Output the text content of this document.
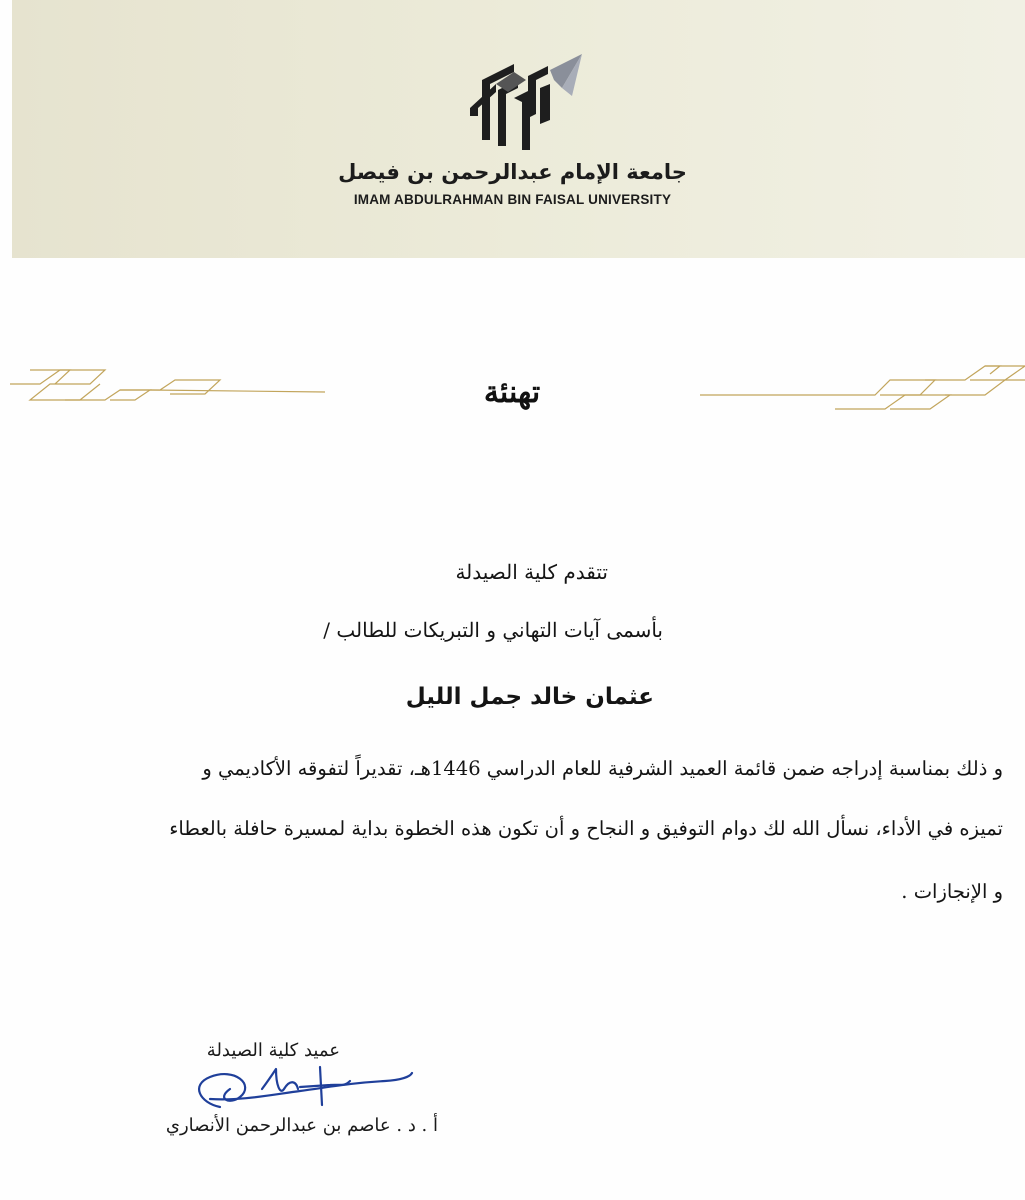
جامعة الإمام عبدالرحمن بن فيصل
IMAM ABDULRAHMAN BIN FAISAL UNIVERSITY
تهنئة
تتقدم كلية الصيدلة
بأسمى آيات التهاني و التبريكات للطالب /
عثمان خالد جمل الليل
و ذلك بمناسبة إدراجه ضمن قائمة العميد الشرفية للعام الدراسي 1446هـ، تقديراً لتفوقه الأكاديمي و
تميزه في الأداء، نسأل الله لك دوام التوفيق و النجاح و أن تكون هذه الخطوة بداية لمسيرة حافلة بالعطاء
و الإنجازات .
عميد كلية الصيدلة
أ . د . عاصم بن عبدالرحمن الأنصاري
